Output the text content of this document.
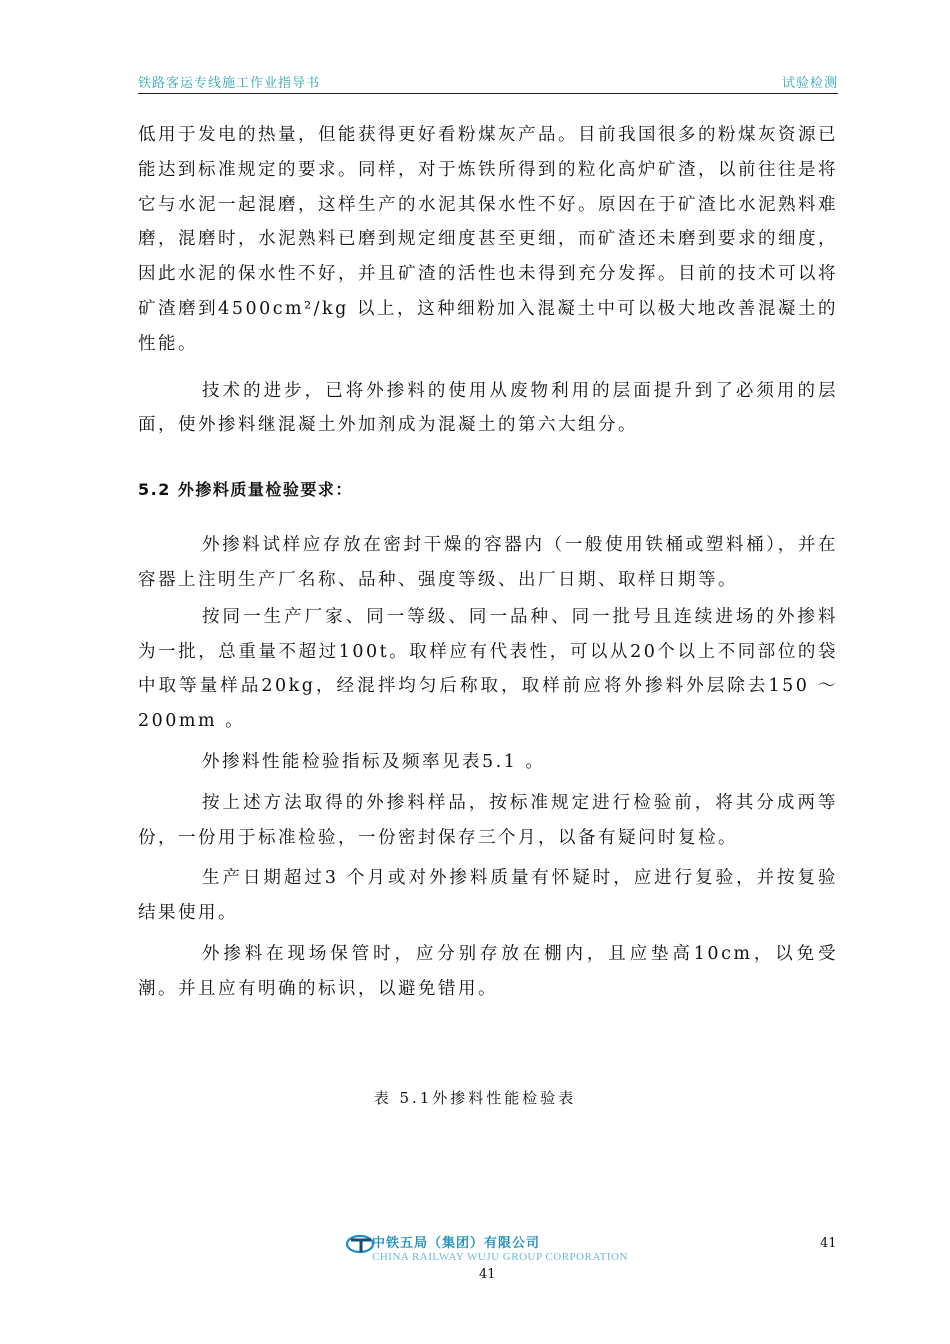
铁路客运专线施工作业指导书	试验检测

低用于发电的热量，但能获得更好看粉煤灰产品。目前我国很多的粉煤灰资源已能达到标准规定的要求。同样，对于炼铁所得到的粒化高炉矿渣，以前往往是将它与水泥一起混磨，这样生产的水泥其保水性不好。原因在于矿渣比水泥熟料难磨，混磨时，水泥熟料已磨到规定细度甚至更细，而矿渣还未磨到要求的细度，因此水泥的保水性不好，并且矿渣的活性也未得到充分发挥。目前的技术可以将矿渣磨到4500cm²/kg 以上，这种细粉加入混凝土中可以极大地改善混凝土的性能。

技术的进步，已将外掺料的使用从废物利用的层面提升到了必须用的层面，使外掺料继混凝土外加剂成为混凝土的第六大组分。

5.2 外掺料质量检验要求：

外掺料试样应存放在密封干燥的容器内（一般使用铁桶或塑料桶），并在容器上注明生产厂名称、品种、强度等级、出厂日期、取样日期等。

按同一生产厂家、同一等级、同一品种、同一批号且连续进场的外掺料为一批，总重量不超过100t。取样应有代表性，可以从20个以上不同部位的袋中取等量样品20kg，经混拌均匀后称取，取样前应将外掺料外层除去150 ～200mm 。

外掺料性能检验指标及频率见表5.1 。

按上述方法取得的外掺料样品，按标准规定进行检验前，将其分成两等份，一份用于标准检验，一份密封保存三个月，以备有疑问时复检。

生产日期超过3 个月或对外掺料质量有怀疑时，应进行复验，并按复验结果使用。

外掺料在现场保管时，应分别存放在棚内，且应垫高10cm，以免受潮。并且应有明确的标识，以避免错用。

表 5.1外掺料性能检验表
中铁五局（集团）有限公司
CHINA RAILWAY WUJU GROUP CORPORATION
41
41
